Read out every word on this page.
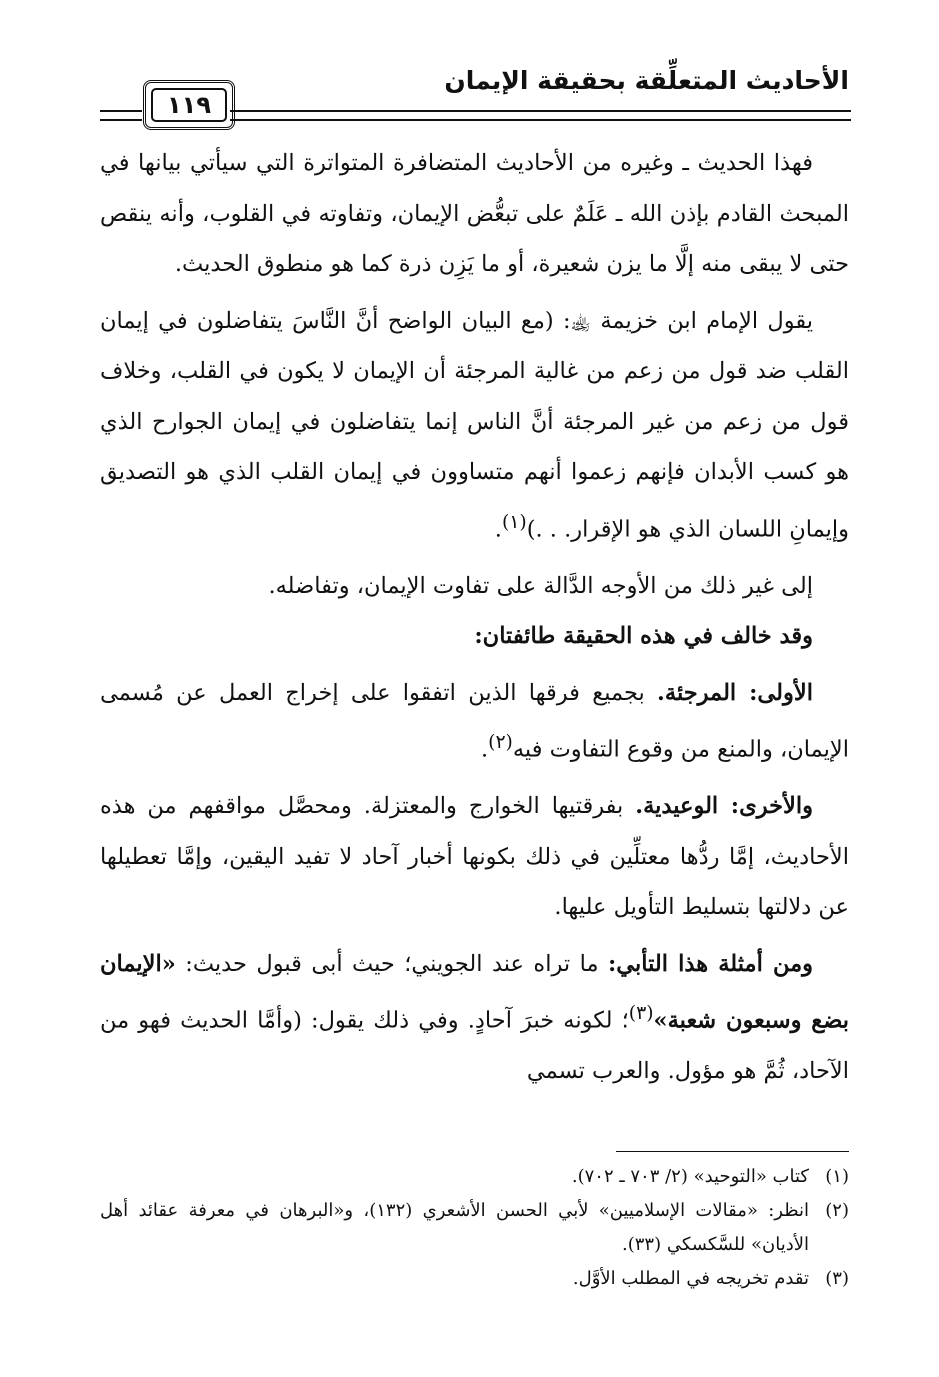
الأحاديث المتعلِّقة بحقيقة الإيمان
١١٩

فهذا الحديث ـ وغيره من الأحاديث المتضافرة المتواترة التي سيأتي بيانها في المبحث القادم بإذن الله ـ عَلَمٌ على تبعُّض الإيمان، وتفاوته في القلوب، وأنه ينقص حتى لا يبقى منه إلَّا ما يزن شعيرة، أو ما يَزِن ذرة كما هو منطوق الحديث.

يقول الإمام ابن خزيمة ﵀: (مع البيان الواضح أنَّ النَّاسَ يتفاضلون في إيمان القلب ضد قول من زعم من غالية المرجئة أن الإيمان لا يكون في القلب، وخلاف قول من زعم من غير المرجئة أنَّ الناس إنما يتفاضلون في إيمان الجوارح الذي هو كسب الأبدان فإنهم زعموا أنهم متساوون في إيمان القلب الذي هو التصديق وإيمانِ اللسان الذي هو الإقرار. . .)$^{(١)}$.

إلى غير ذلك من الأوجه الدَّالة على تفاوت الإيمان، وتفاضله.

وقد خالف في هذه الحقيقة طائفتان:

الأولى: المرجئة. بجميع فرقها الذين اتفقوا على إخراج العمل عن مُسمى الإيمان، والمنع من وقوع التفاوت فيه$^{(٢)}$.

والأخرى: الوعيدية. بفرقتيها الخوارج والمعتزلة. ومحصَّل مواقفهم من هذه الأحاديث، إمَّا ردُّها معتلِّين في ذلك بكونها أخبار آحاد لا تفيد اليقين، وإمَّا تعطيلها عن دلالتها بتسليط التأويل عليها.

ومن أمثلة هذا التأبي: ما تراه عند الجويني؛ حيث أبى قبول حديث: «الإيمان بضع وسبعون شعبة»$^{(٣)}$؛ لكونه خبرَ آحادٍ. وفي ذلك يقول: (وأمَّا الحديث فهو من الآحاد، ثُمَّ هو مؤول. والعرب تسمي

(١)
كتاب «التوحيد» (٢/ ٧٠٣ ـ ٧٠٢).
(٢)
انظر: «مقالات الإسلاميين» لأبي الحسن الأشعري (١٣٢)، و«البرهان في معرفة عقائد أهل الأديان» للسَّكسكي (٣٣).
(٣)
تقدم تخريجه في المطلب الأوَّل.
